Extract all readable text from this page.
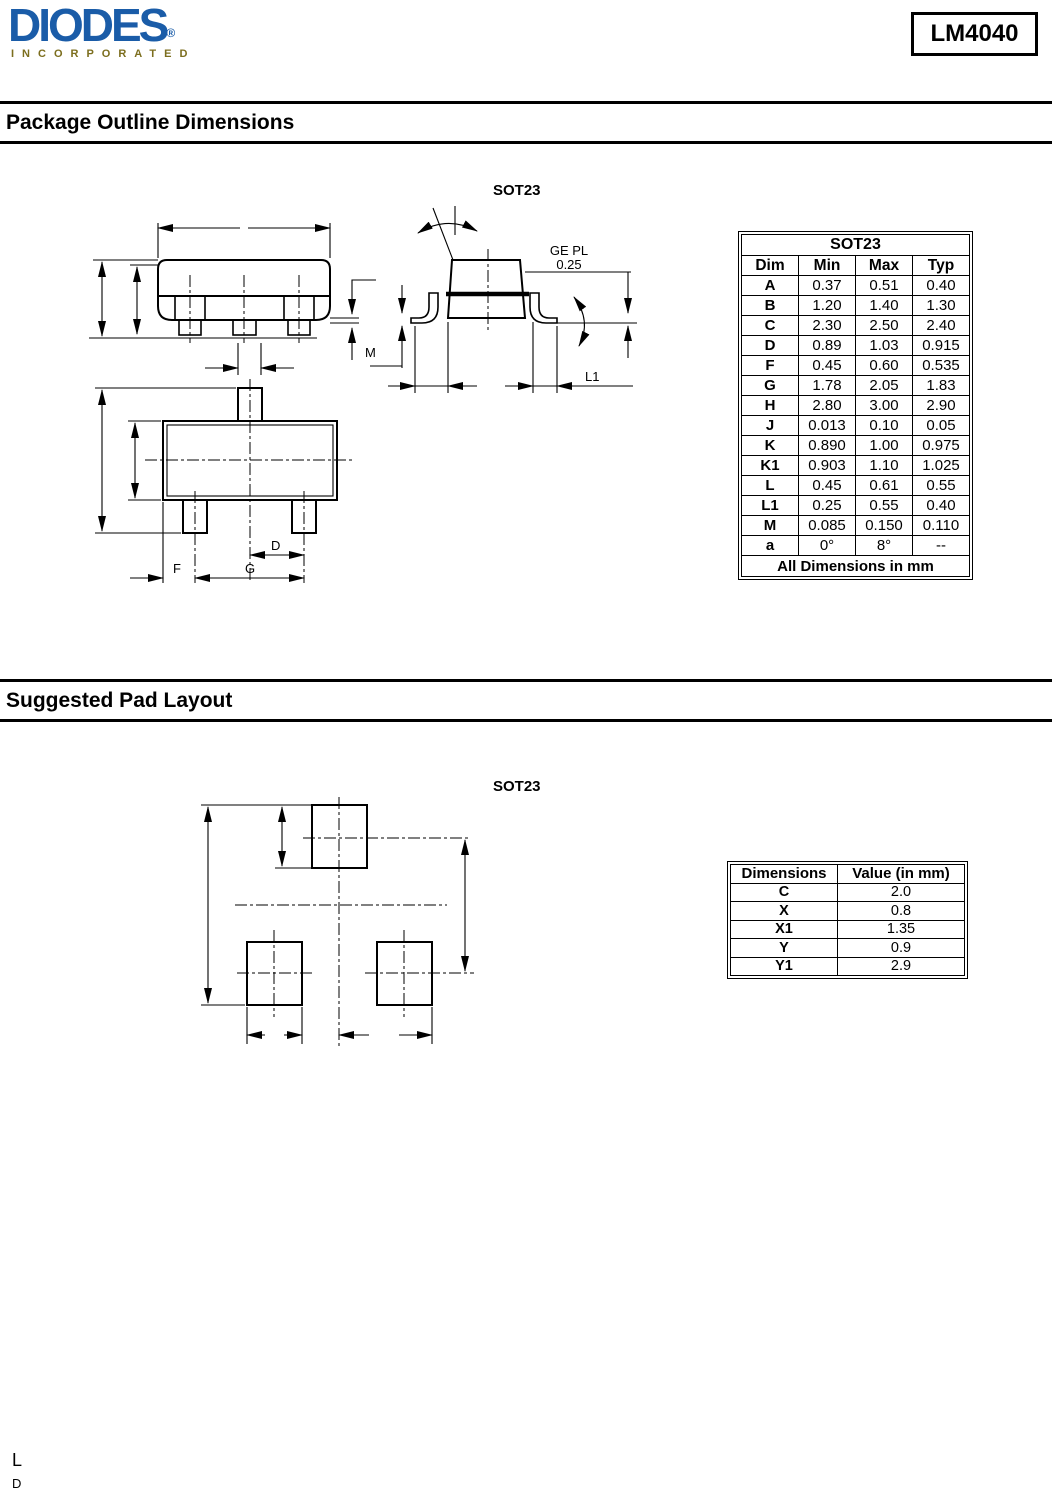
DIODES®
INCORPORATED
LM4040
Package Outline Dimensions
SOT23
M
GE PL
0.25
L1
D
F	G
SOT23			
Dim	Min	Max	Typ
A	0.37	0.51	0.40
B	1.20	1.40	1.30
C	2.30	2.50	2.40
D	0.89	1.03	0.915
F	0.45	0.60	0.535
G	1.78	2.05	1.83
H	2.80	3.00	2.90
J	0.013	0.10	0.05
K	0.890	1.00	0.975
K1	0.903	1.10	1.025
L	0.45	0.61	0.55
L1	0.25	0.55	0.40
M	0.085	0.150	0.110
a	0°	8°	--
All Dimensions in mm			
Suggested Pad Layout
SOT23
Dimensions	Value (in mm)
C	2.0
X	0.8
X1	1.35
Y	0.9
Y1	2.9
L
D
